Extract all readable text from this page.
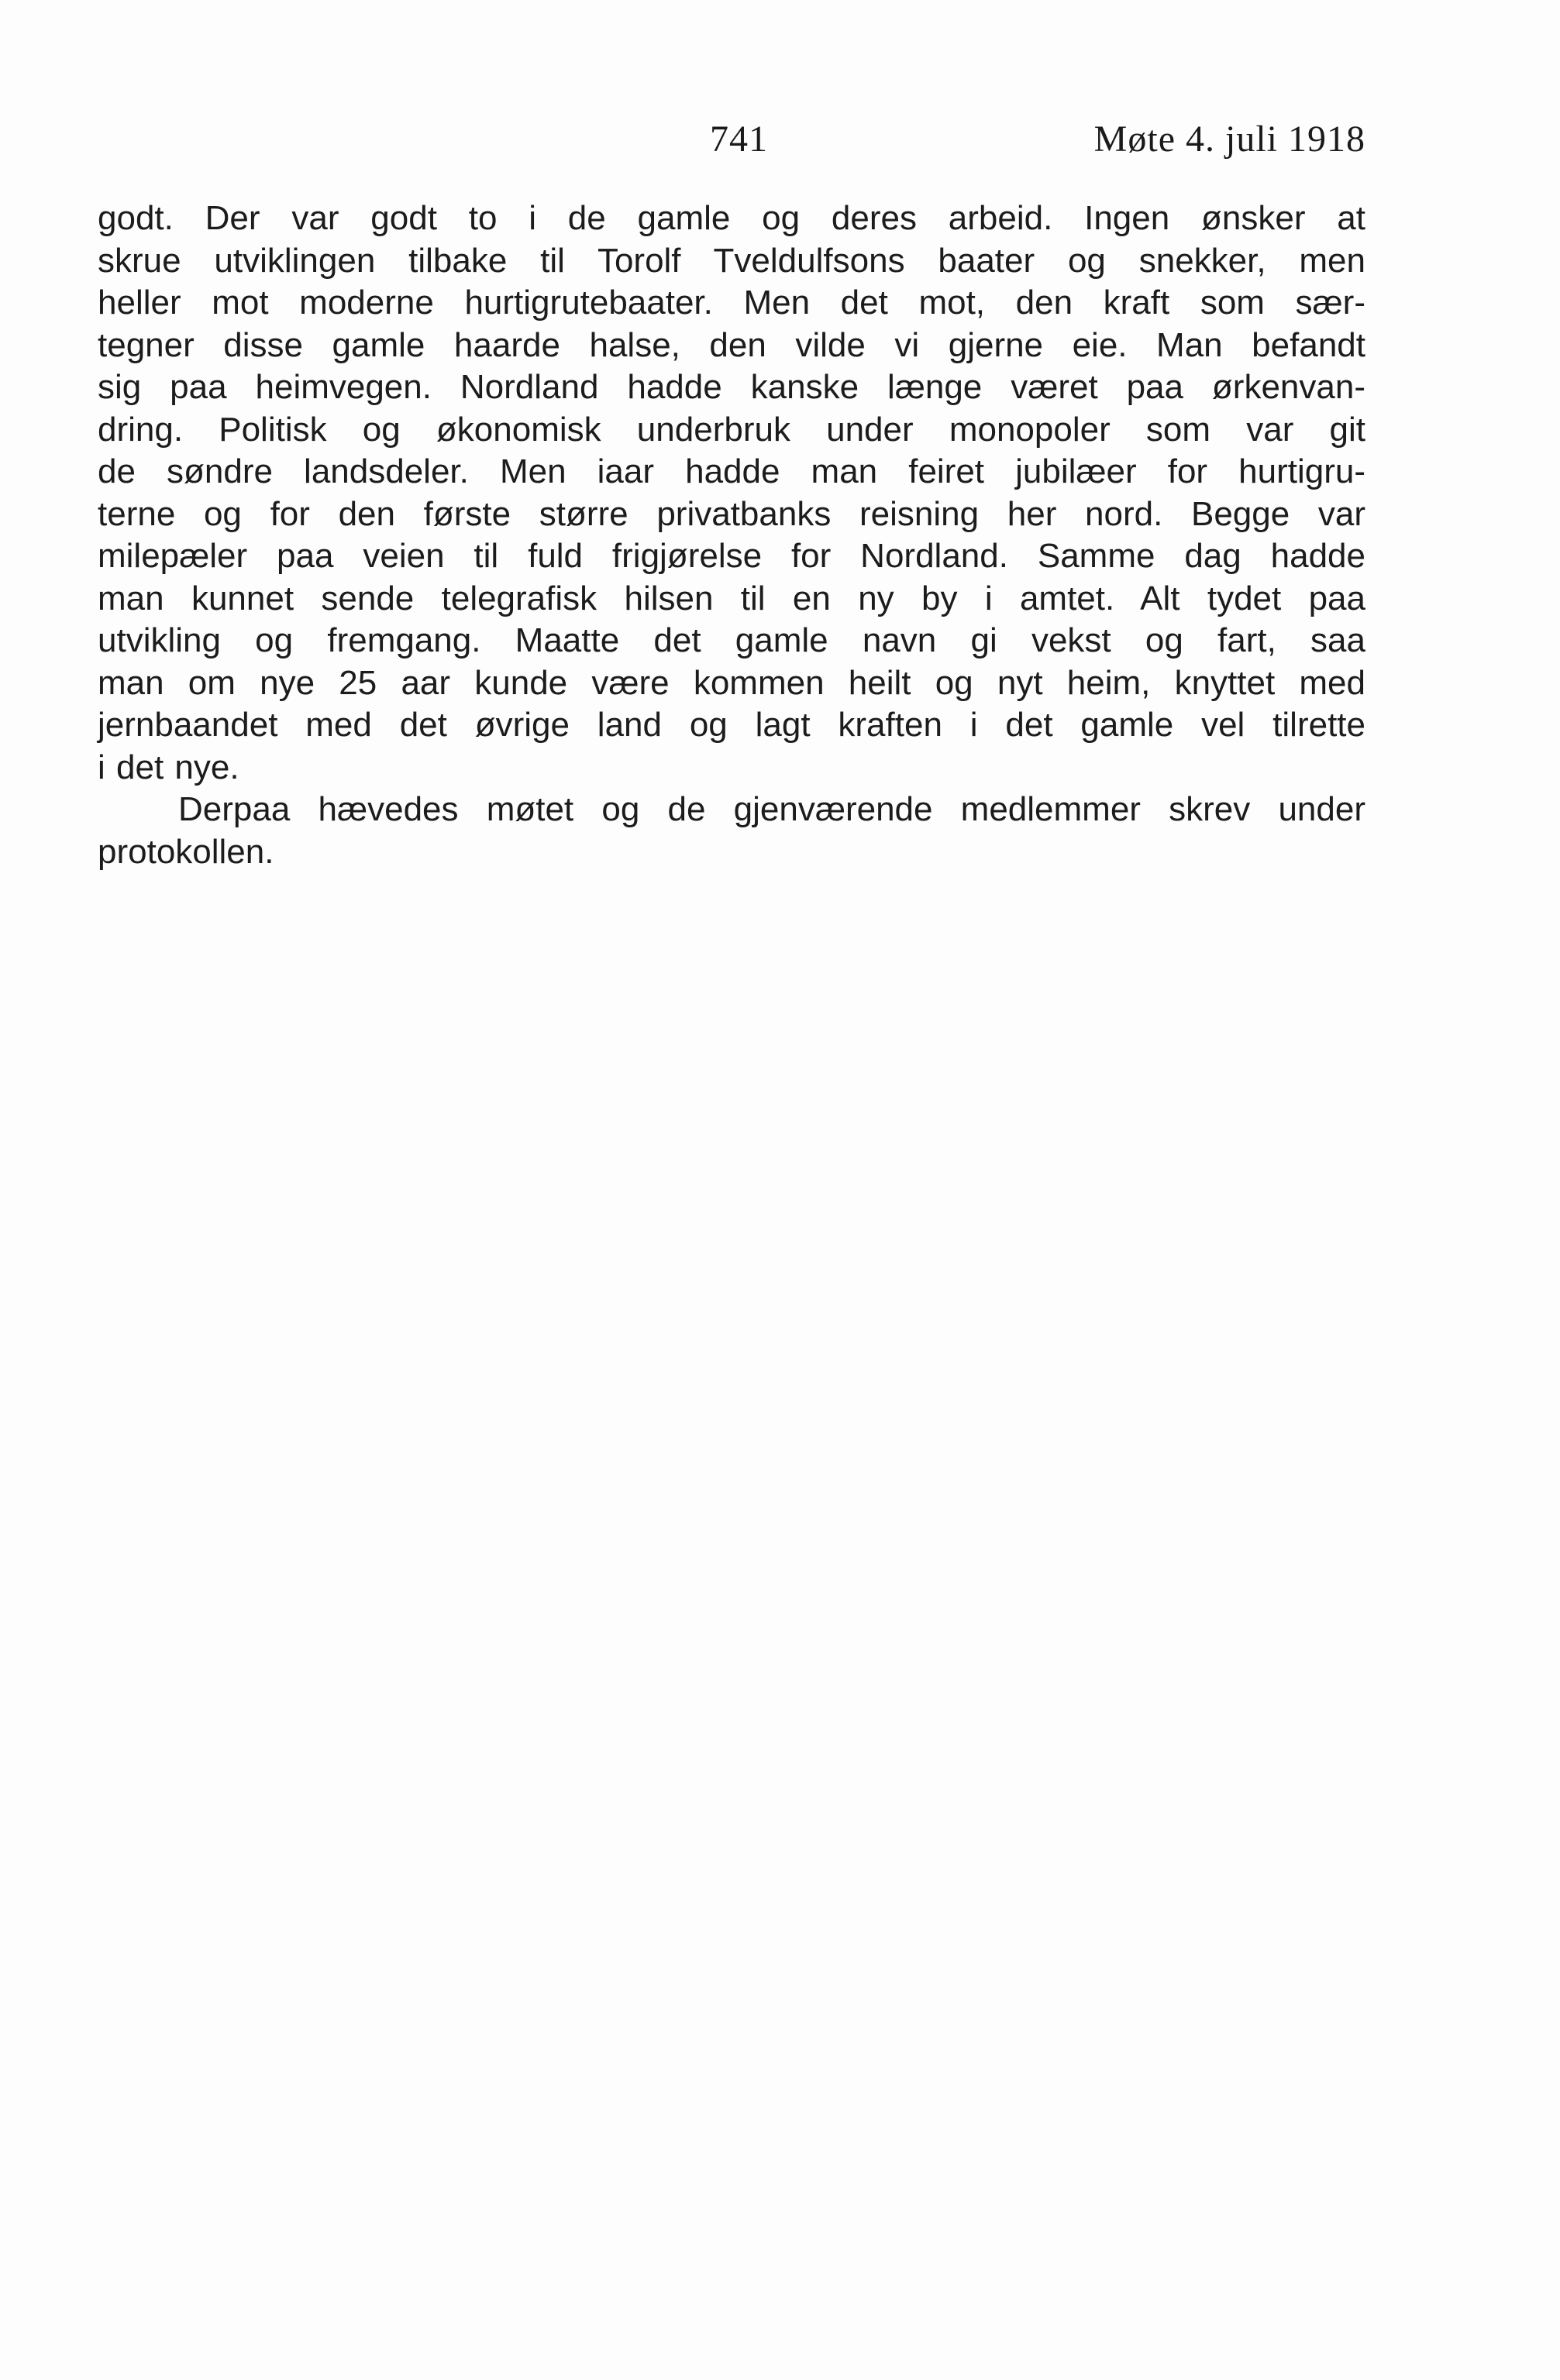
741	Møte 4. juli 1918

godt. Der var godt to i de gamle og deres arbeid. Ingen ønsker at
skrue utviklingen tilbake til Torolf Tveldulfsons baater og snekker, men
heller mot moderne hurtigrutebaater. Men det mot, den kraft som sær-
tegner disse gamle haarde halse, den vilde vi gjerne eie. Man befandt
sig paa heimvegen. Nordland hadde kanske længe været paa ørkenvan-
dring. Politisk og økonomisk underbruk under monopoler som var git
de søndre landsdeler. Men iaar hadde man feiret jubilæer for hurtigru-
terne og for den første større privatbanks reisning her nord. Begge var
milepæler paa veien til fuld frigjørelse for Nordland. Samme dag hadde
man kunnet sende telegrafisk hilsen til en ny by i amtet. Alt tydet paa
utvikling og fremgang. Maatte det gamle navn gi vekst og fart, saa
man om nye 25 aar kunde være kommen heilt og nyt heim, knyttet med
jernbaandet med det øvrige land og lagt kraften i det gamle vel tilrette
i det nye.

Derpaa hævedes møtet og de gjenværende medlemmer skrev under
protokollen.
